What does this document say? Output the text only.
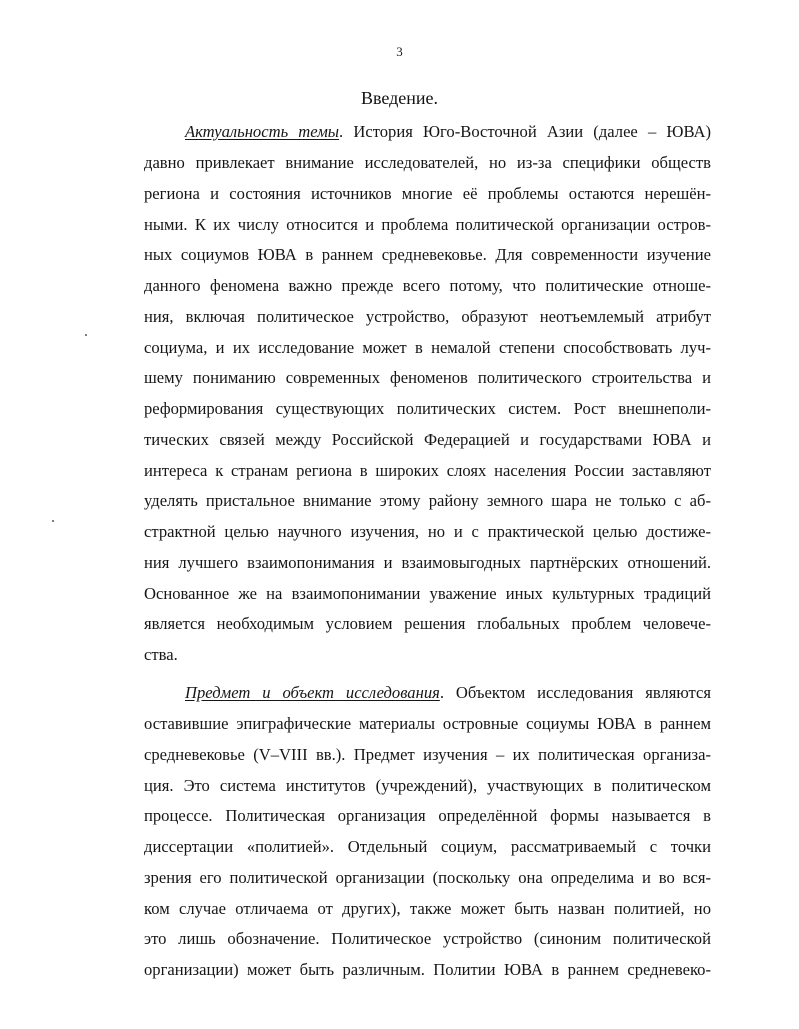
3
Введение.
Актуальность темы. История Юго-Восточной Азии (далее – ЮВА)
давно привлекает внимание исследователей, но из-за специфики обществ
региона и состояния источников многие её проблемы остаются нерешён-
ными. К их числу относится и проблема политической организации остров-
ных социумов ЮВА в раннем средневековье. Для современности изучение
данного феномена важно прежде всего потому, что политические отноше-
ния, включая политическое устройство, образуют неотъемлемый атрибут
социума, и их исследование может в немалой степени способствовать луч-
шему пониманию современных феноменов политического строительства и
реформирования существующих политических систем. Рост внешнеполи-
тических связей между Российской Федерацией и государствами ЮВА и
интереса к странам региона в широких слоях населения России заставляют
уделять пристальное внимание этому району земного шара не только с аб-
страктной целью научного изучения, но и с практической целью достиже-
ния лучшего взаимопонимания и взаимовыгодных партнёрских отношений.
Основанное же на взаимопонимании уважение иных культурных традиций
является необходимым условием решения глобальных проблем человече-
ства.
Предмет и объект исследования. Объектом исследования являются
оставившие эпиграфические материалы островные социумы ЮВА в раннем
средневековье (V–VIII вв.). Предмет изучения – их политическая организа-
ция. Это система институтов (учреждений), участвующих в политическом
процессе. Политическая организация определённой формы называется в
диссертации «политией». Отдельный социум, рассматриваемый с точки
зрения его политической организации (поскольку она определима и во вся-
ком случае отличаема от других), также может быть назван политией, но
это лишь обозначение. Политическое устройство (синоним политической
организации) может быть различным. Политии ЮВА в раннем средневеко-
